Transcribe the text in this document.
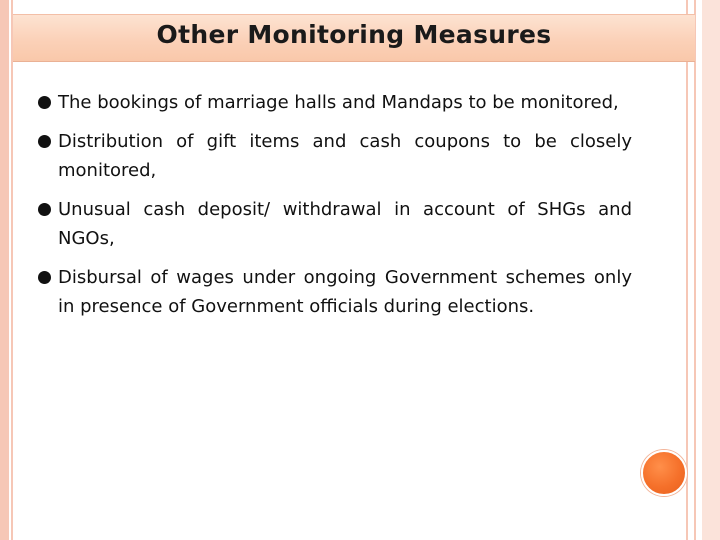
Other Monitoring Measures
The bookings of marriage halls and Mandaps to be monitored,
Distribution of gift items and cash coupons to be closely monitored,
Unusual cash deposit/ withdrawal in account of SHGs and NGOs,
Disbursal of wages under ongoing Government schemes only in presence of Government officials during elections.
